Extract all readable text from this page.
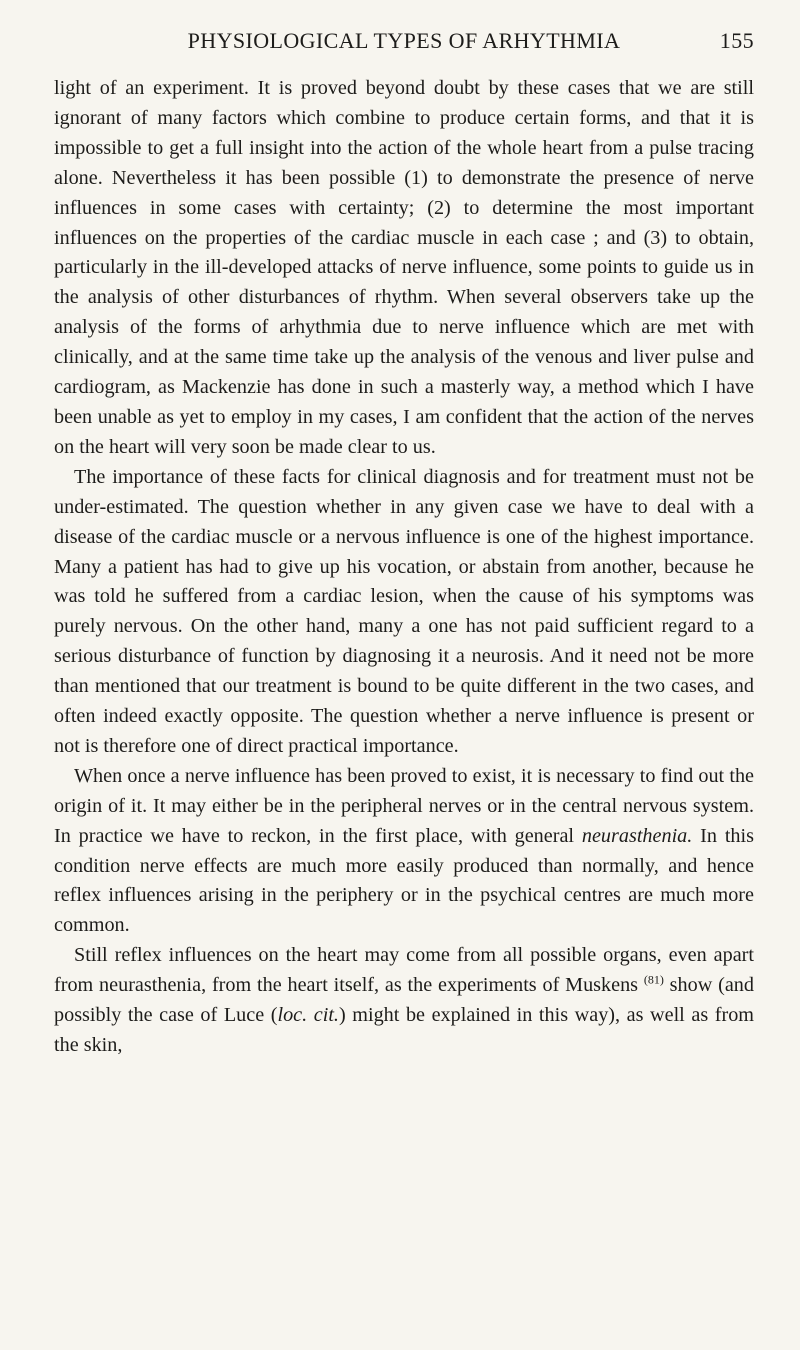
PHYSIOLOGICAL TYPES OF ARHYTHMIA	155

light of an experiment. It is proved beyond doubt by these cases that we are still ignorant of many factors which combine to produce certain forms, and that it is impossible to get a full insight into the action of the whole heart from a pulse tracing alone. Nevertheless it has been possible (1) to demonstrate the presence of nerve influences in some cases with certainty; (2) to determine the most important influences on the properties of the cardiac muscle in each case ; and (3) to obtain, particularly in the ill-developed attacks of nerve influence, some points to guide us in the analysis of other disturbances of rhythm. When several observers take up the analysis of the forms of arhythmia due to nerve influence which are met with clinically, and at the same time take up the analysis of the venous and liver pulse and cardiogram, as Mackenzie has done in such a masterly way, a method which I have been unable as yet to employ in my cases, I am confident that the action of the nerves on the heart will very soon be made clear to us.

The importance of these facts for clinical diagnosis and for treatment must not be under-estimated. The question whether in any given case we have to deal with a disease of the cardiac muscle or a nervous influence is one of the highest importance. Many a patient has had to give up his vocation, or abstain from another, because he was told he suffered from a cardiac lesion, when the cause of his symptoms was purely nervous. On the other hand, many a one has not paid sufficient regard to a serious disturbance of function by diagnosing it a neurosis. And it need not be more than mentioned that our treatment is bound to be quite different in the two cases, and often indeed exactly opposite. The question whether a nerve influence is present or not is therefore one of direct practical importance.

When once a nerve influence has been proved to exist, it is necessary to find out the origin of it. It may either be in the peripheral nerves or in the central nervous system. In practice we have to reckon, in the first place, with general neurasthenia. In this condition nerve effects are much more easily produced than normally, and hence reflex influences arising in the periphery or in the psychical centres are much more common.

Still reflex influences on the heart may come from all possible organs, even apart from neurasthenia, from the heart itself, as the experiments of Muskens $^{(81)}$ show (and possibly the case of Luce (loc. cit.) might be explained in this way), as well as from the skin,
